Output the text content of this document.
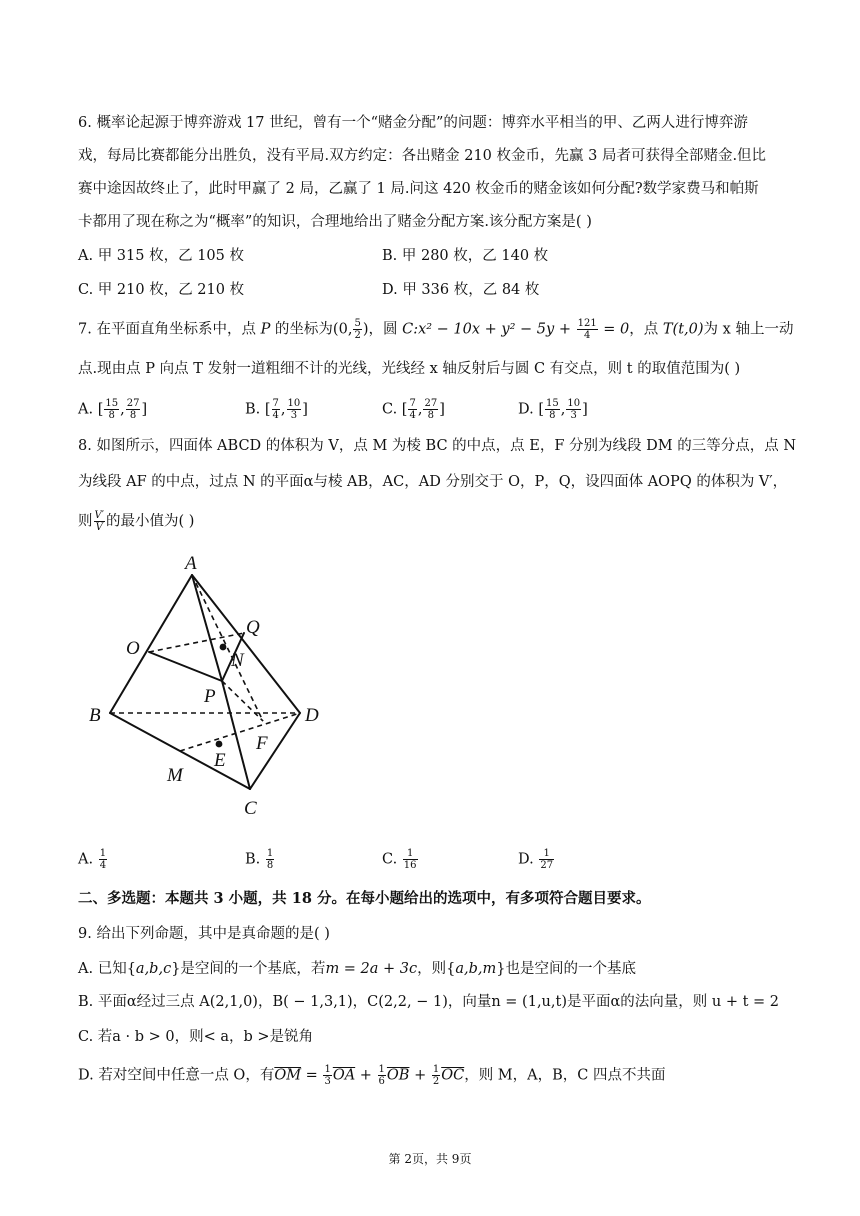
6. 概率论起源于博弈游戏 17 世纪，曾有一个“赌金分配”的问题：博弈水平相当的甲、乙两人进行博弈游
戏，每局比赛都能分出胜负，没有平局.双方约定：各出赌金 210 枚金币，先赢 3 局者可获得全部赌金.但比
赛中途因故终止了，此时甲赢了 2 局，乙赢了 1 局.问这 420 枚金币的赌金该如何分配?数学家费马和帕斯
卡都用了现在称之为“概率”的知识，合理地给出了赌金分配方案.该分配方案是( )
A. 甲 315 枚，乙 105 枚	B. 甲 280 枚，乙 140 枚
C. 甲 210 枚，乙 210 枚	D. 甲 336 枚，乙 84 枚
7. 在平面直角坐标系中，点 P 的坐标为(0, $\frac{5}{2}$ )，圆 C:x² − $10x + y^2 - 5y + \frac{121}{4} = 0$，点 T(t,0)为 x 轴上一动
点.现由点 P 向点 T 发射一道粗细不计的光线，光线经 x 轴反射后与圆 C 有交点，则 t 的取值范围为( )
A. [ $\frac{15}{8}$ , $\frac{27}{8}$ ]	B. [ $\frac{7}{4}$ , $\frac{10}{3}$ ]	C. [ $\frac{7}{4}$ , $\frac{27}{8}$ ]	D. [ $\frac{15}{8}$ , $\frac{10}{3}$ ]
8. 如图所示，四面体 ABCD 的体积为 V，点 M 为棱 BC 的中点，点 E，F 分别为线段 DM 的三等分点，点 N
为线段 AF 的中点，过点 N 的平面α与棱 AB，AC，AD 分别交于 O，P，Q，设四面体 AOPQ 的体积为 V′，
则 $\frac{V'}{V}$ 的最小值为( )
A
B
C
D
O
Q
N
P
F
E
M
A. $\frac{1}{4}$	B. $\frac{1}{8}$	C. $\frac{1}{16}$	D. $\frac{1}{27}$
二、多选题：本题共 3 小题，共 18 分。在每小题给出的选项中，有多项符合题目要求。
9. 给出下列命题，其中是真命题的是( )
A. 已知{a,b,c}是空间的一个基底，若m = 2a + 3c，则{a,b,m}也是空间的一个基底
B. 平面α经过三点 A(2,1,0)，B( − 1,3,1)，C(2,2, − 1)，向量n = (1,u,t)是平面α的法向量，则 u + t = 2
C. 若a · b > 0，则< a，b >是锐角
D. 若对空间中任意一点 O，有$\overline{OM} = \frac{1}{3} \overline{OA} + \frac{1}{6} \overline{OB} + \frac{1}{2} \overline{OC}$，则 M，A，B，C 四点不共面
第 2页，共 9页
